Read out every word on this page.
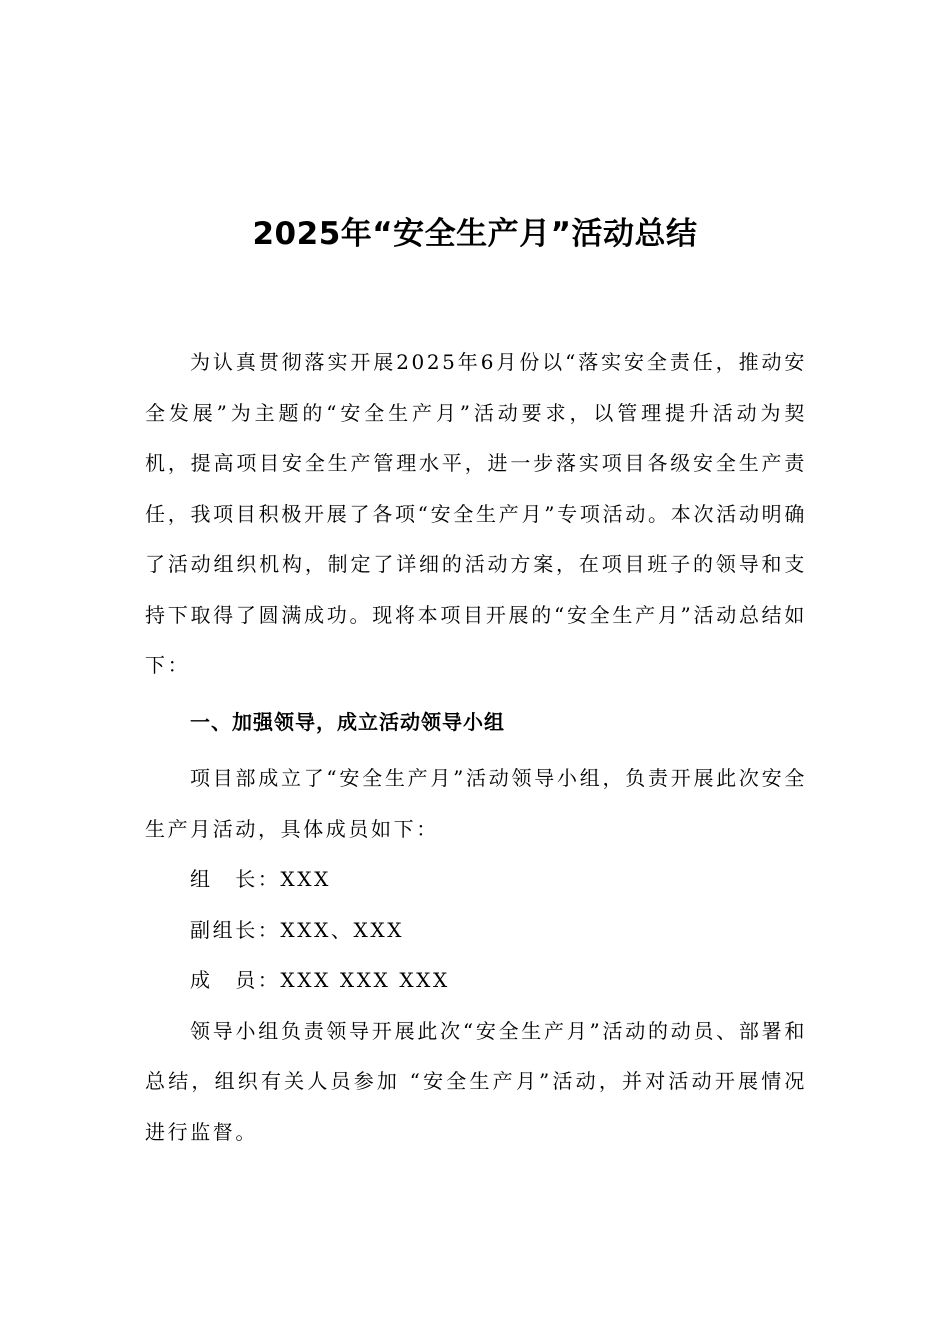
2025年“安全生产月”活动总结

为认真贯彻落实开展2025年6月份以“落实安全责任，推动安全发展”为主题的“安全生产月”活动要求，以管理提升活动为契机，提高项目安全生产管理水平，进一步落实项目各级安全生产责任，我项目积极开展了各项“安全生产月”专项活动。本次活动明确了活动组织机构，制定了详细的活动方案，在项目班子的领导和支持下取得了圆满成功。现将本项目开展的“安全生产月”活动总结如下：

一、加强领导，成立活动领导小组

项目部成立了“安全生产月”活动领导小组，负责开展此次安全生产月活动，具体成员如下：

组　长：XXX

副组长：XXX、XXX

成　员：XXX XXX XXX

领导小组负责领导开展此次“安全生产月”活动的动员、部署和总结，组织有关人员参加 “安全生产月”活动，并对活动开展情况进行监督。
